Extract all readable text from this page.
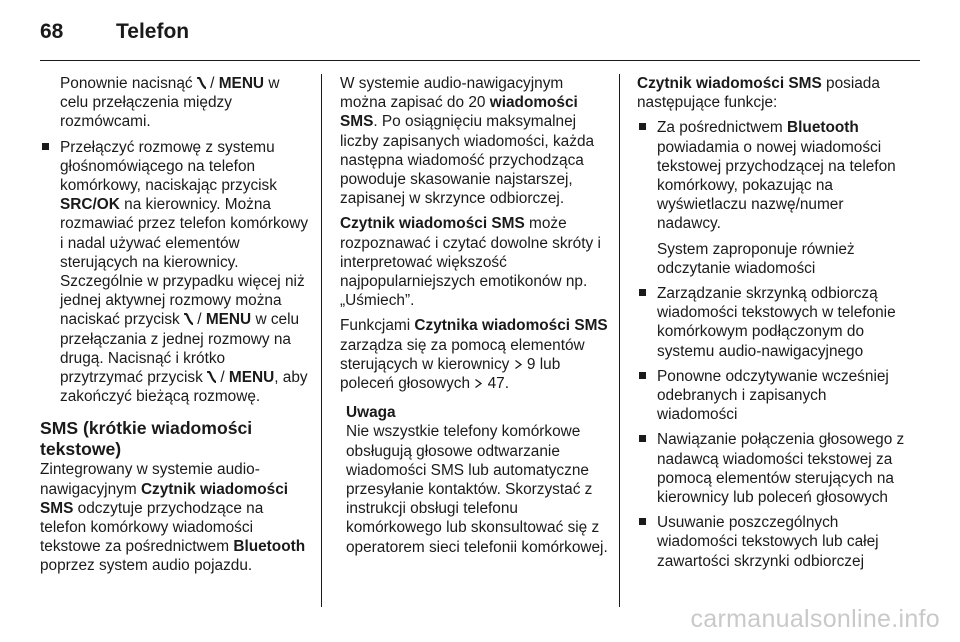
68	Telefon

Ponownie nacisnąć  / MENU w celu przełączenia między rozmówcami.

Przełączyć rozmowę z systemu głośnomówiącego na telefon komórkowy, naciskając przycisk SRC/OK na kierownicy. Można rozmawiać przez telefon komórkowy i nadal używać elementów sterujących na kierownicy. Szczególnie w przypadku więcej niż jednej aktywnej rozmowy można naciskać przycisk  / MENU w celu przełączania z jednej rozmowy na drugą. Nacisnąć i krótko przytrzymać przycisk  / MENU, aby zakończyć bieżącą rozmowę.
SMS (krótkie wiadomości tekstowe)

Zintegrowany w systemie audio-nawigacyjnym Czytnik wiadomości SMS odczytuje przychodzące na telefon komórkowy wiadomości tekstowe za pośrednictwem Bluetooth poprzez system audio pojazdu.

W systemie audio-nawigacyjnym można zapisać do 20 wiadomości SMS. Po osiągnięciu maksymalnej liczby zapisanych wiadomości, każda następna wiadomość przychodząca powoduje skasowanie najstarszej, zapisanej w skrzynce odbiorczej.

Czytnik wiadomości SMS może rozpoznawać i czytać dowolne skróty i interpretować większość najpopularniejszych emotikonów np. „Uśmiech”.

Funkcjami Czytnika wiadomości SMS zarządza się za pomocą elementów sterujących w kierownicy  9 lub poleceń głosowych  47.

Uwaga
Nie wszystkie telefony komórkowe obsługują głosowe odtwarzanie wiadomości SMS lub automatyczne przesyłanie kontaktów. Skorzystać z instrukcji obsługi telefonu komórkowego lub skonsultować się z operatorem sieci telefonii komórkowej.

Czytnik wiadomości SMS posiada następujące funkcje:

Za pośrednictwem Bluetooth powiadamia o nowej wiadomości tekstowej przychodzącej na telefon komórkowy, pokazując na wyświetlaczu nazwę/numer nadawcy.
System zaproponuje również odczytanie wiadomości
Zarządzanie skrzynką odbiorczą wiadomości tekstowych w telefonie komórkowym podłączonym do systemu audio-nawigacyjnego
Ponowne odczytywanie wcześniej odebranych i zapisanych wiadomości
Nawiązanie połączenia głosowego z nadawcą wiadomości tekstowej za pomocą elementów sterujących na kierownicy lub poleceń głosowych
Usuwanie poszczególnych wiadomości tekstowych lub całej zawartości skrzynki odbiorczej
carmanualsonline.info
